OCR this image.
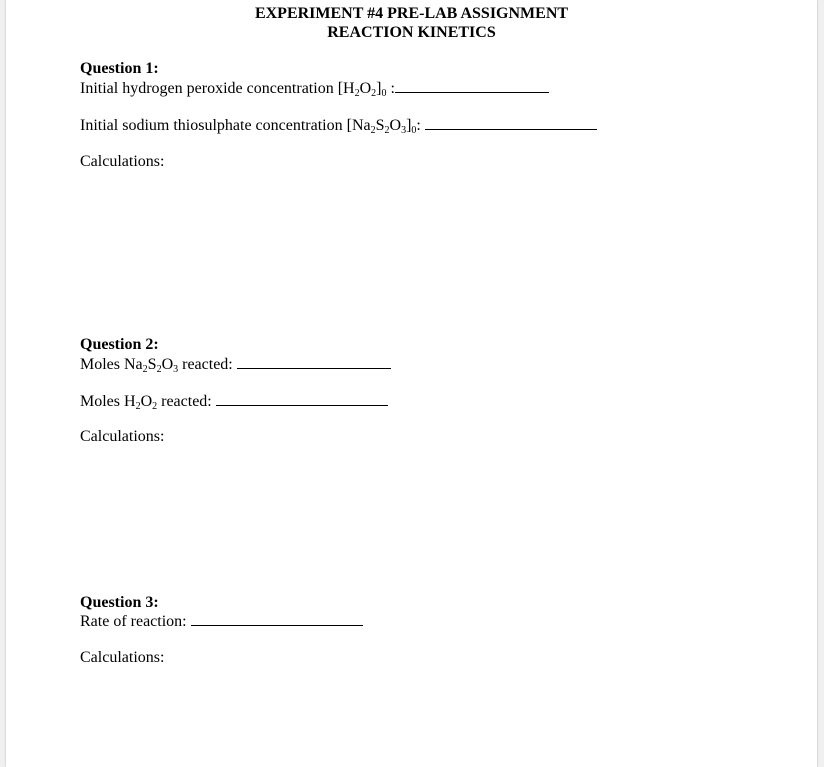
EXPERIMENT #4 PRE-LAB ASSIGNMENT
REACTION KINETICS
Question 1:
Initial hydrogen peroxide concentration $[H_2O_2]_0$ :
Initial sodium thiosulphate concentration $[Na_2S_2O_3]_0$:
Calculations:
Question 2:
Moles $Na_2S_2O_3$ reacted:
Moles $H_2O_2$ reacted:
Calculations:
Question 3:
Rate of reaction:
Calculations:
